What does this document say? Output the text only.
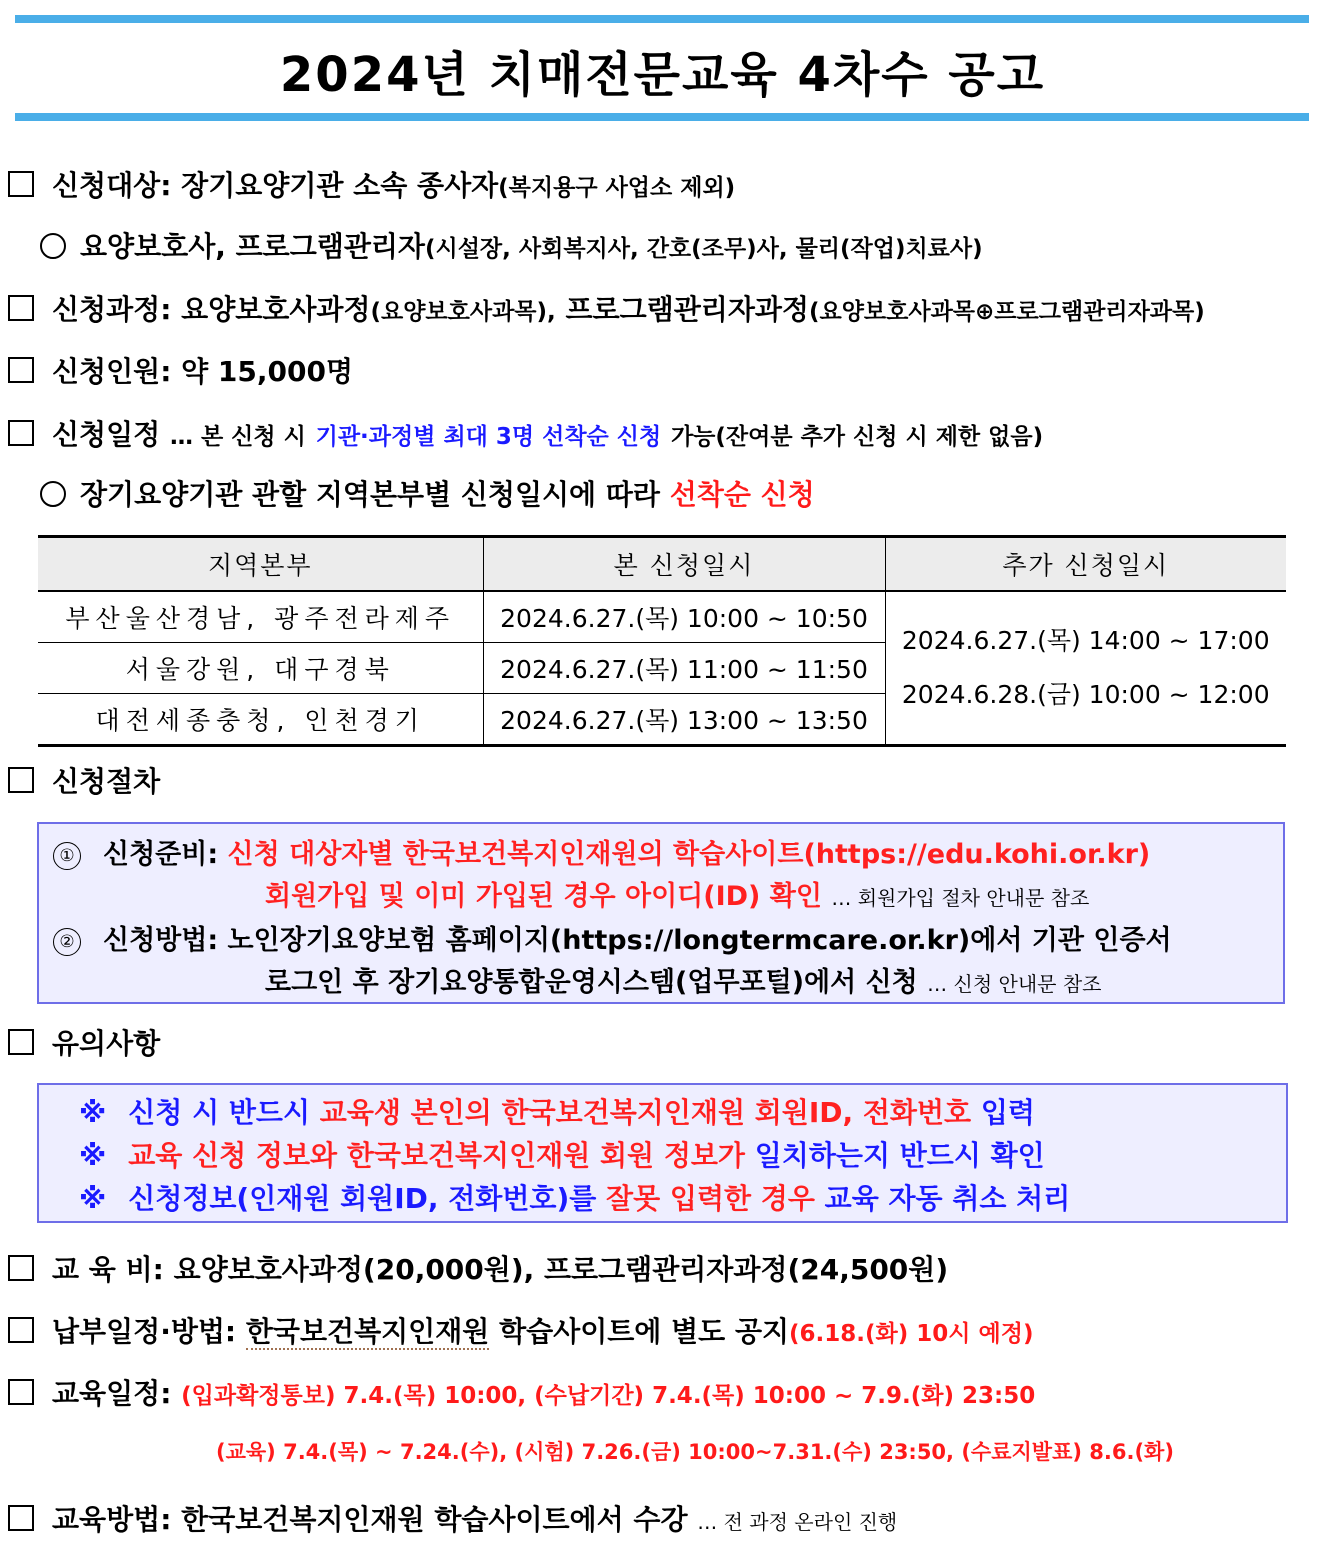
2024년 치매전문교육 4차수 공고
신청대상: 장기요양기관 소속 종사자(복지용구 사업소 제외)
요양보호사, 프로그램관리자(시설장, 사회복지사, 간호(조무)사, 물리(작업)치료사)
신청과정: 요양보호사과정(요양보호사과목), 프로그램관리자과정(요양보호사과목⊕프로그램관리자과목)
신청인원: 약 15,000명
신청일정 … 본 신청 시 기관·과정별 최대 3명 선착순 신청 가능(잔여분 추가 신청 시 제한 없음)
장기요양기관 관할 지역본부별 신청일시에 따라 선착순 신청
지역본부	본 신청일시	추가 신청일시
부산울산경남, 광주전라제주	2024.6.27.(목) 10:00 ~ 10:50	2024.6.27.(목) 14:00 ~ 17:00
2024.6.28.(금) 10:00 ~ 12:00

서울강원, 대구경북	2024.6.27.(목) 11:00 ~ 11:50	
대전세종충청, 인천경기	2024.6.27.(목) 13:00 ~ 13:50	
신청절차
① 신청준비: 신청 대상자별 한국보건복지인재원의 학습사이트(https://edu.kohi.or.kr)
회원가입 및 이미 가입된 경우 아이디(ID) 확인 … 회원가입 절차 안내문 참조
② 신청방법: 노인장기요양보험 홈페이지(https://longtermcare.or.kr)에서 기관 인증서
로그인 후 장기요양통합운영시스템(업무포털)에서 신청 … 신청 안내문 참조
유의사항
※ 신청 시 반드시 교육생 본인의 한국보건복지인재원 회원ID, 전화번호 입력
※ 교육 신청 정보와 한국보건복지인재원 회원 정보가 일치하는지 반드시 확인
※ 신청정보(인재원 회원ID, 전화번호)를 잘못 입력한 경우 교육 자동 취소 처리
교 육 비: 요양보호사과정(20,000원), 프로그램관리자과정(24,500원)
납부일정·방법: 한국보건복지인재원 학습사이트에 별도 공지(6.18.(화) 10시 예정)
교육일정: (입과확정통보) 7.4.(목) 10:00, (수납기간) 7.4.(목) 10:00 ~ 7.9.(화) 23:50
(교육) 7.4.(목) ~ 7.24.(수), (시험) 7.26.(금) 10:00~7.31.(수) 23:50, (수료지발표) 8.6.(화)
교육방법: 한국보건복지인재원 학습사이트에서 수강 … 전 과정 온라인 진행
